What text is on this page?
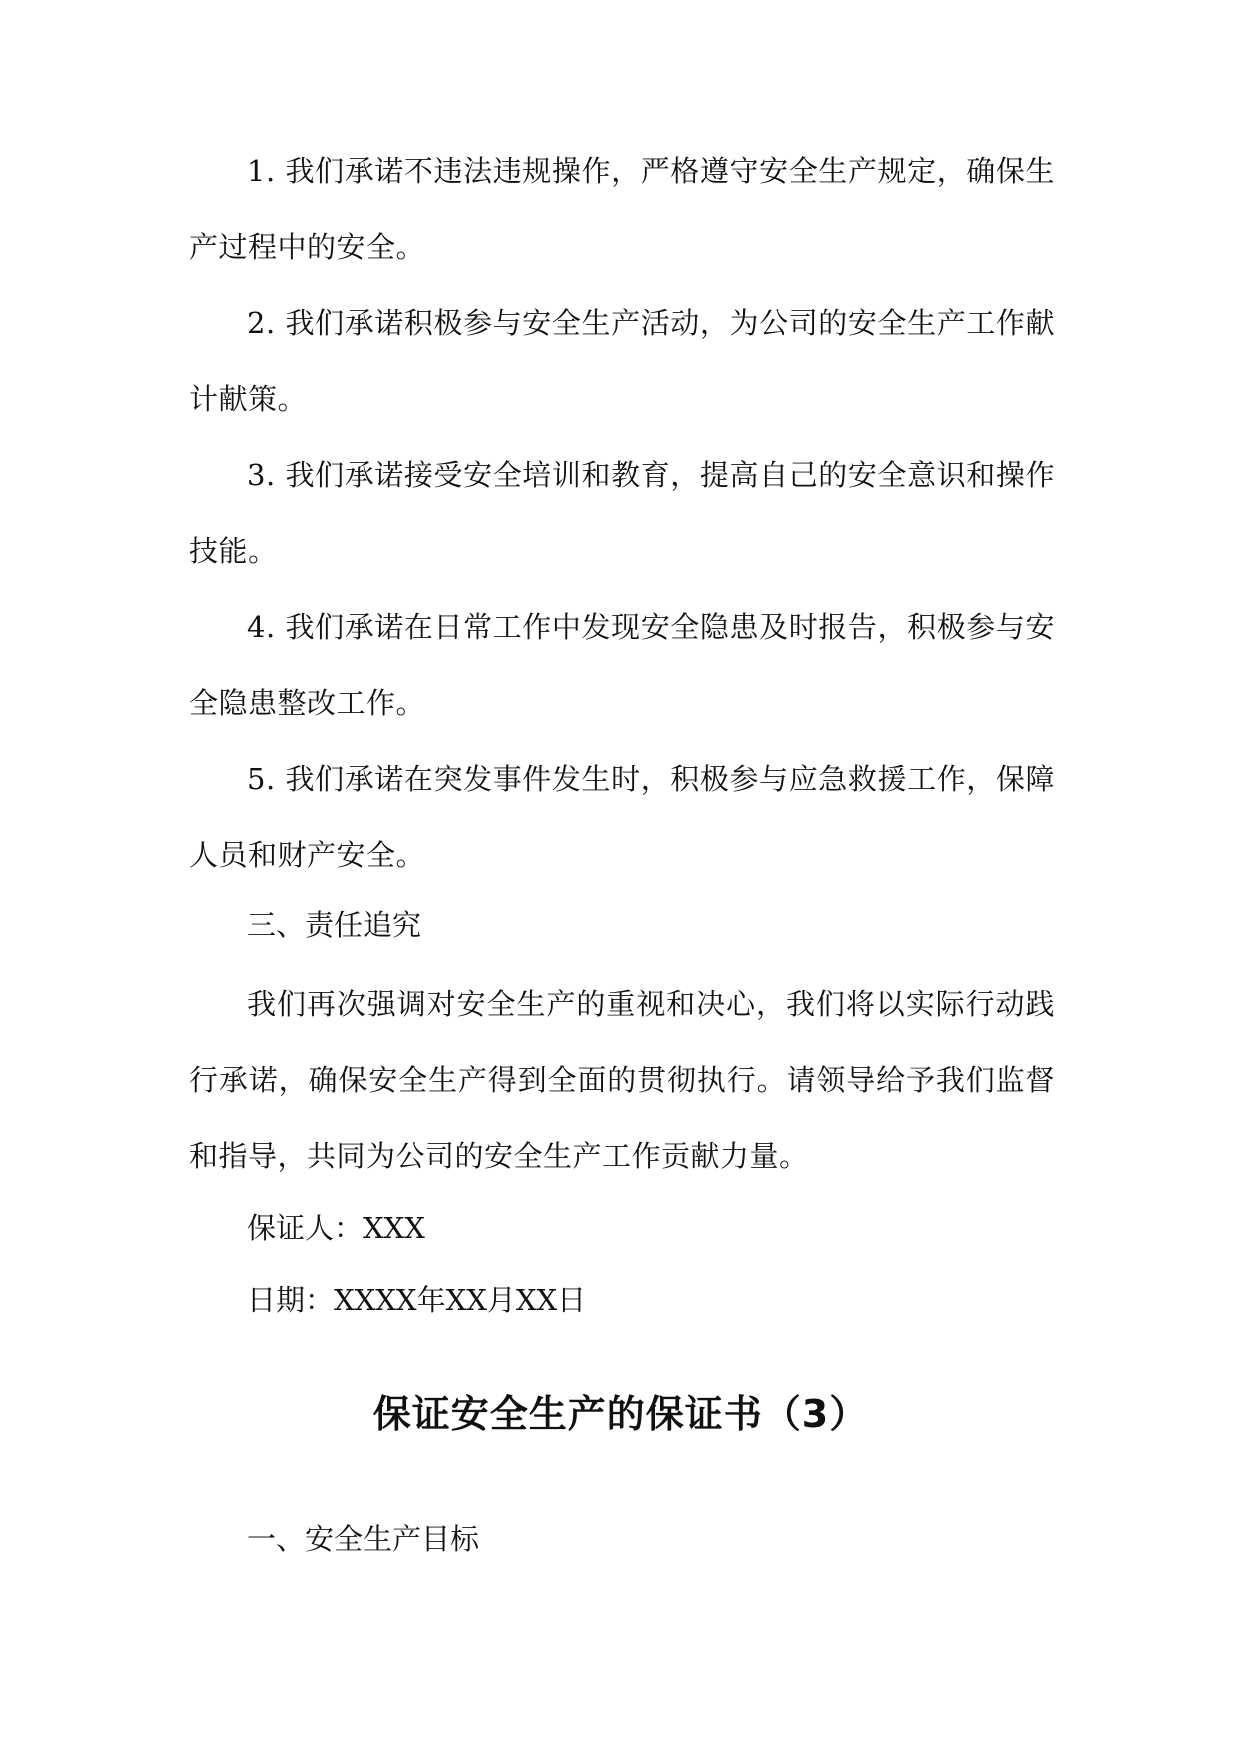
1. 我们承诺不违法违规操作，严格遵守安全生产规定，确保生产过程中的安全。

2. 我们承诺积极参与安全生产活动，为公司的安全生产工作献计献策。

3. 我们承诺接受安全培训和教育，提高自己的安全意识和操作技能。

4. 我们承诺在日常工作中发现安全隐患及时报告，积极参与安全隐患整改工作。

5. 我们承诺在突发事件发生时，积极参与应急救援工作，保障人员和财产安全。

三、责任追究

我们再次强调对安全生产的重视和决心，我们将以实际行动践行承诺，确保安全生产得到全面的贯彻执行。请领导给予我们监督和指导，共同为公司的安全生产工作贡献力量。

保证人：XXX

日期：XXXX年XX月XX日

保证安全生产的保证书（3）

一、安全生产目标
